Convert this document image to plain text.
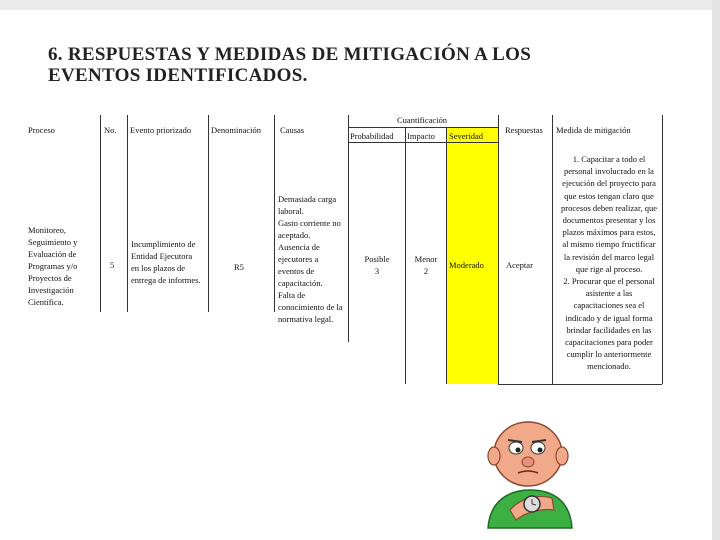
6. RESPUESTAS Y MEDIDAS DE MITIGACIÓN A LOS
EVENTOS IDENTIFICADOS.
Proceso	No. Evento priorizado Denominación Causas
Cuantificación
Probabilidad Impacto Severidad
Respuestas Medida de mitigación
Monitoreo,
Seguimiento y
Evaluación de
Programas y/o
Proyectos de
Investigación
Científica.
5
Incumplimiento de
Entidad Ejecutora
en los plazos de
entrega de informes.
R5
Demasiada carga
laboral.
Gasto corriente no
aceptado.
Ausencia de
ejecutores a
eventos de
capacitación.
Falta de
conocimiento de la
normativa legal.
Posible
3
Menor
2
Moderado	Aceptar
1. Capacitar a todo el
personal involucrado en la
ejecución del proyecto para
que estos tengan claro que
procesos deben realizar, que
documentos presentar y los
plazos máximos para estos,
al mismo tiempo fructificar
la revisión del marco legal
que rige al proceso.
2. Procurar que el personal
asistente a las
capacitaciones sea el
indicado y de igual forma
brindar facilidades en las
capacitaciones para poder
cumplir lo anteriormente
mencionado.
